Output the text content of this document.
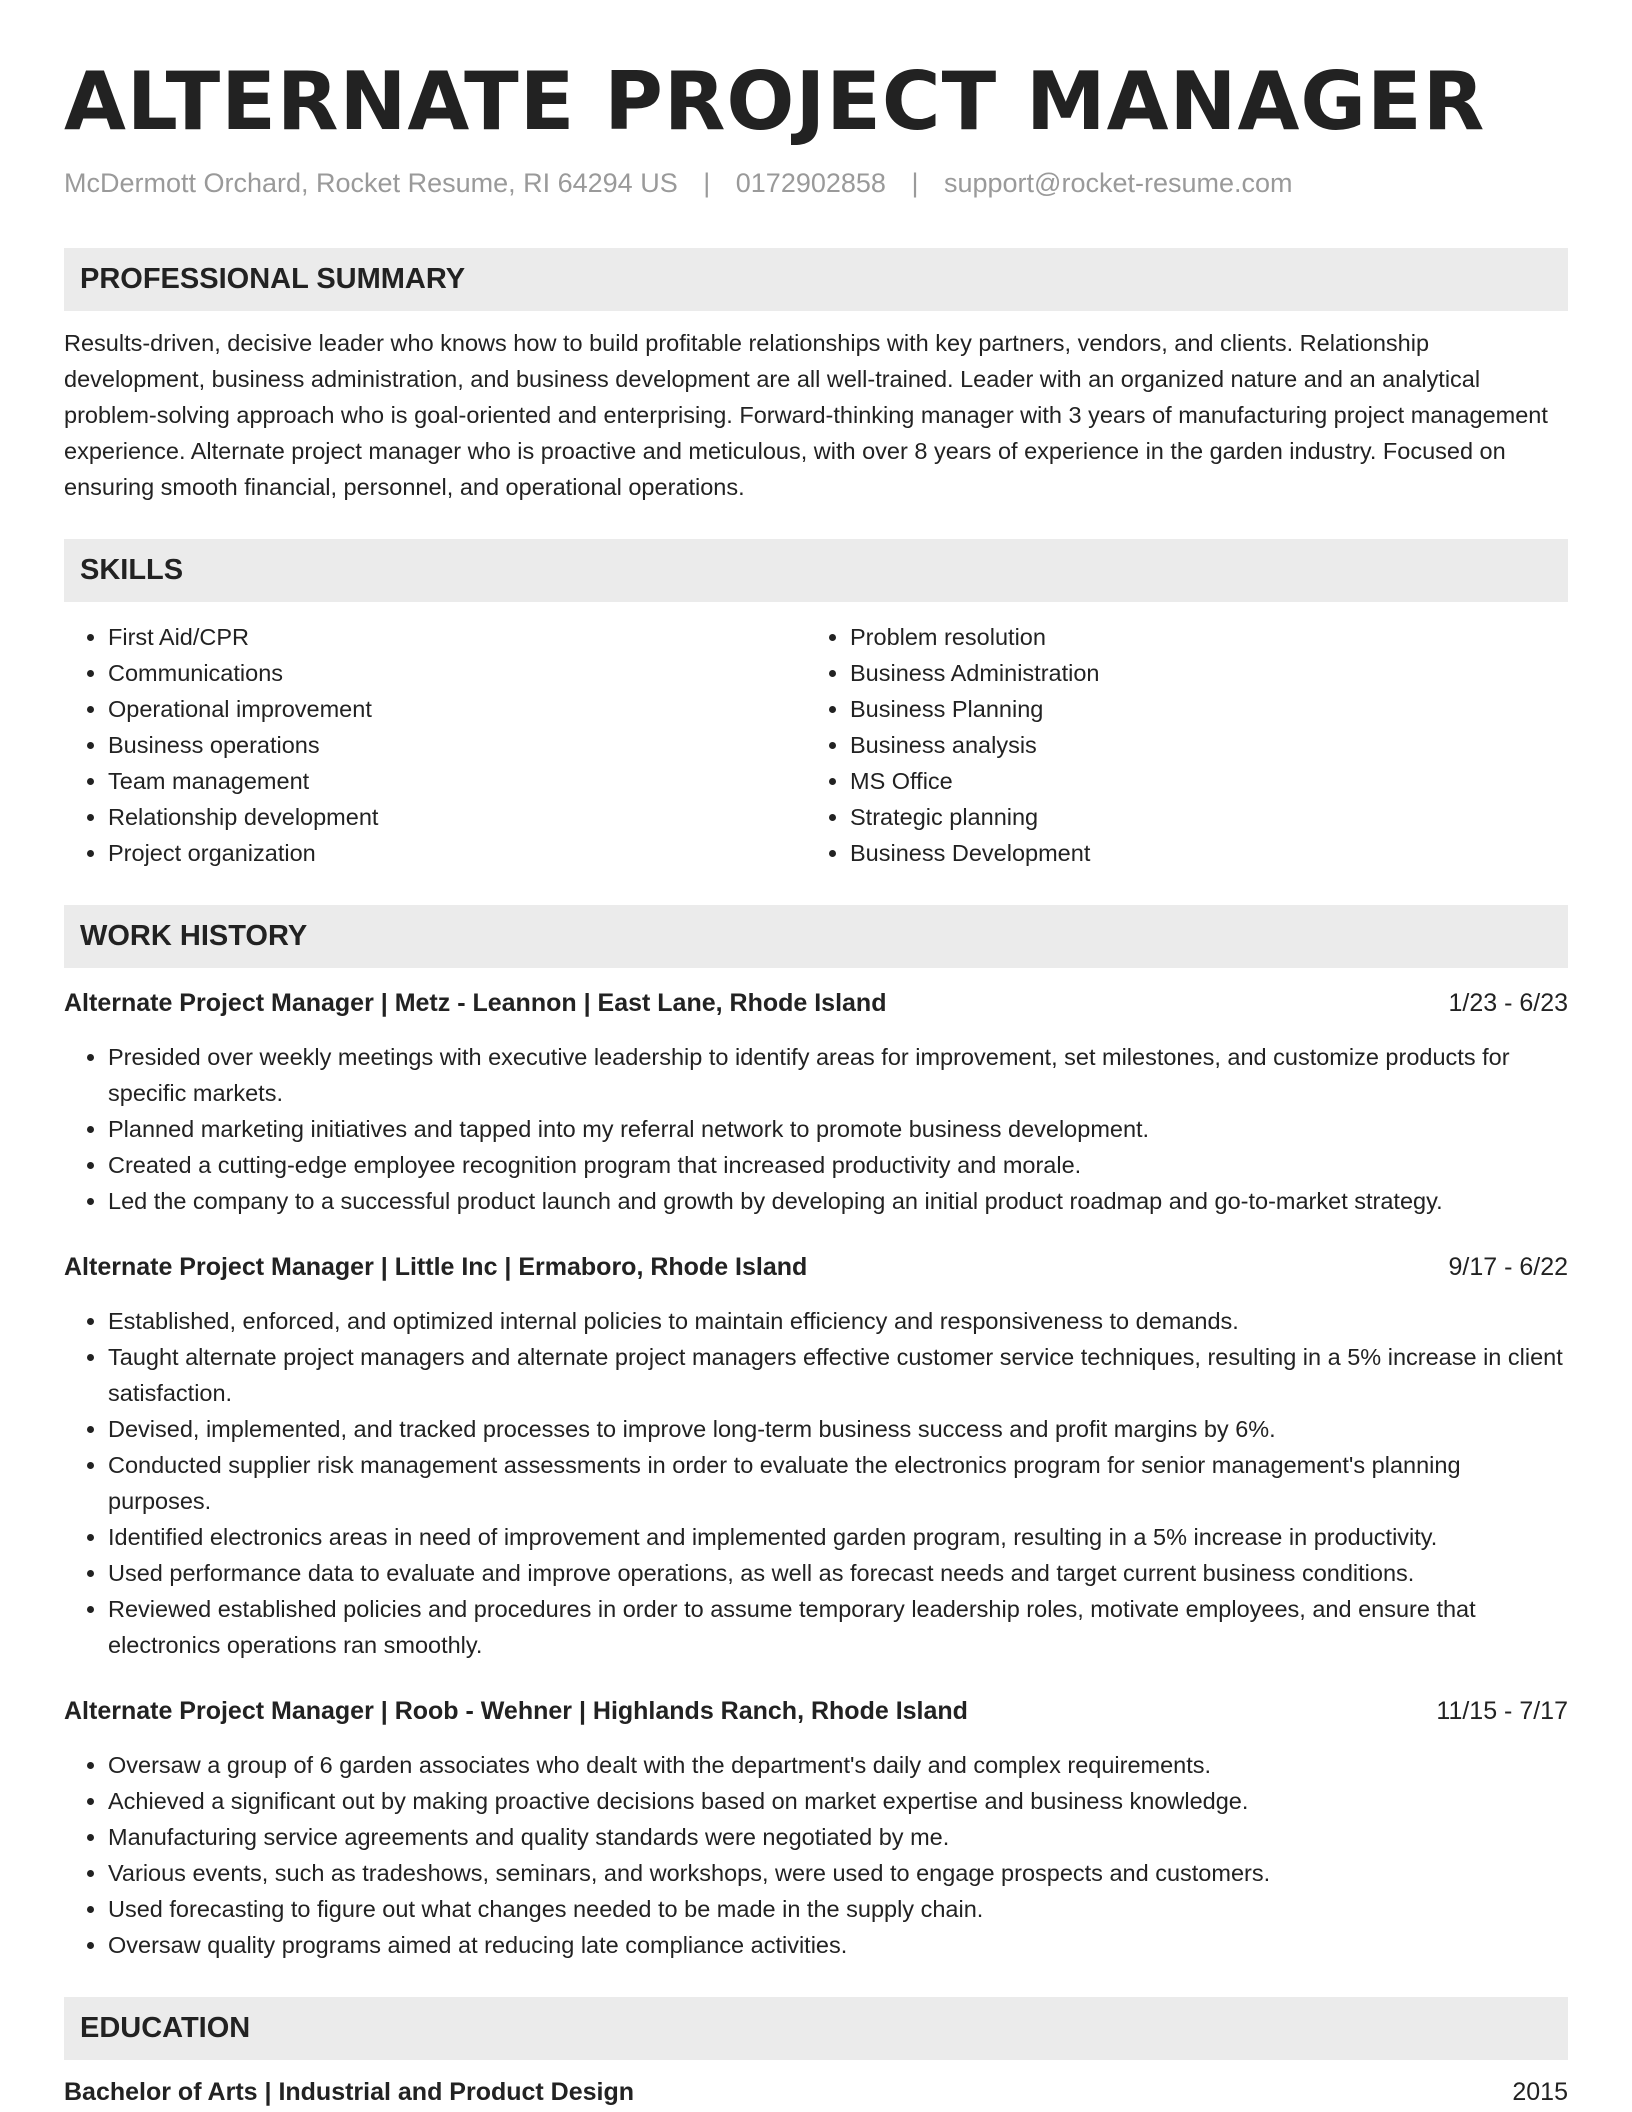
ALTERNATE PROJECT MANAGER
McDermott Orchard, Rocket Resume, RI 64294 US | 0172902858 | support@rocket-resume.com
PROFESSIONAL SUMMARY
Results-driven, decisive leader who knows how to build profitable relationships with key partners, vendors, and clients. Relationship development, business administration, and business development are all well-trained. Leader with an organized nature and an analytical problem-solving approach who is goal-oriented and enterprising. Forward-thinking manager with 3 years of manufacturing project management experience. Alternate project manager who is proactive and meticulous, with over 8 years of experience in the garden industry. Focused on ensuring smooth financial, personnel, and operational operations.
SKILLS
• First Aid/CPR
• Communications
• Operational improvement
• Business operations
• Team management
• Relationship development
• Project organization
• Problem resolution
• Business Administration
• Business Planning
• Business analysis
• MS Office
• Strategic planning
• Business Development
WORK HISTORY
Alternate Project Manager | Metz - Leannon | East Lane, Rhode Island	1/23 - 6/23
• Presided over weekly meetings with executive leadership to identify areas for improvement, set milestones, and customize products for specific markets.
• Planned marketing initiatives and tapped into my referral network to promote business development.
• Created a cutting-edge employee recognition program that increased productivity and morale.
• Led the company to a successful product launch and growth by developing an initial product roadmap and go-to-market strategy.
Alternate Project Manager | Little Inc | Ermaboro, Rhode Island	9/17 - 6/22
• Established, enforced, and optimized internal policies to maintain efficiency and responsiveness to demands.
• Taught alternate project managers and alternate project managers effective customer service techniques, resulting in a 5% increase in client satisfaction.
• Devised, implemented, and tracked processes to improve long-term business success and profit margins by 6%.
• Conducted supplier risk management assessments in order to evaluate the electronics program for senior management's planning purposes.
• Identified electronics areas in need of improvement and implemented garden program, resulting in a 5% increase in productivity.
• Used performance data to evaluate and improve operations, as well as forecast needs and target current business conditions.
• Reviewed established policies and procedures in order to assume temporary leadership roles, motivate employees, and ensure that electronics operations ran smoothly.
Alternate Project Manager | Roob - Wehner | Highlands Ranch, Rhode Island	11/15 - 7/17
• Oversaw a group of 6 garden associates who dealt with the department's daily and complex requirements.
• Achieved a significant out by making proactive decisions based on market expertise and business knowledge.
• Manufacturing service agreements and quality standards were negotiated by me.
• Various events, such as tradeshows, seminars, and workshops, were used to engage prospects and customers.
• Used forecasting to figure out what changes needed to be made in the supply chain.
• Oversaw quality programs aimed at reducing late compliance activities.
EDUCATION
Bachelor of Arts | Industrial and Product Design	2015
